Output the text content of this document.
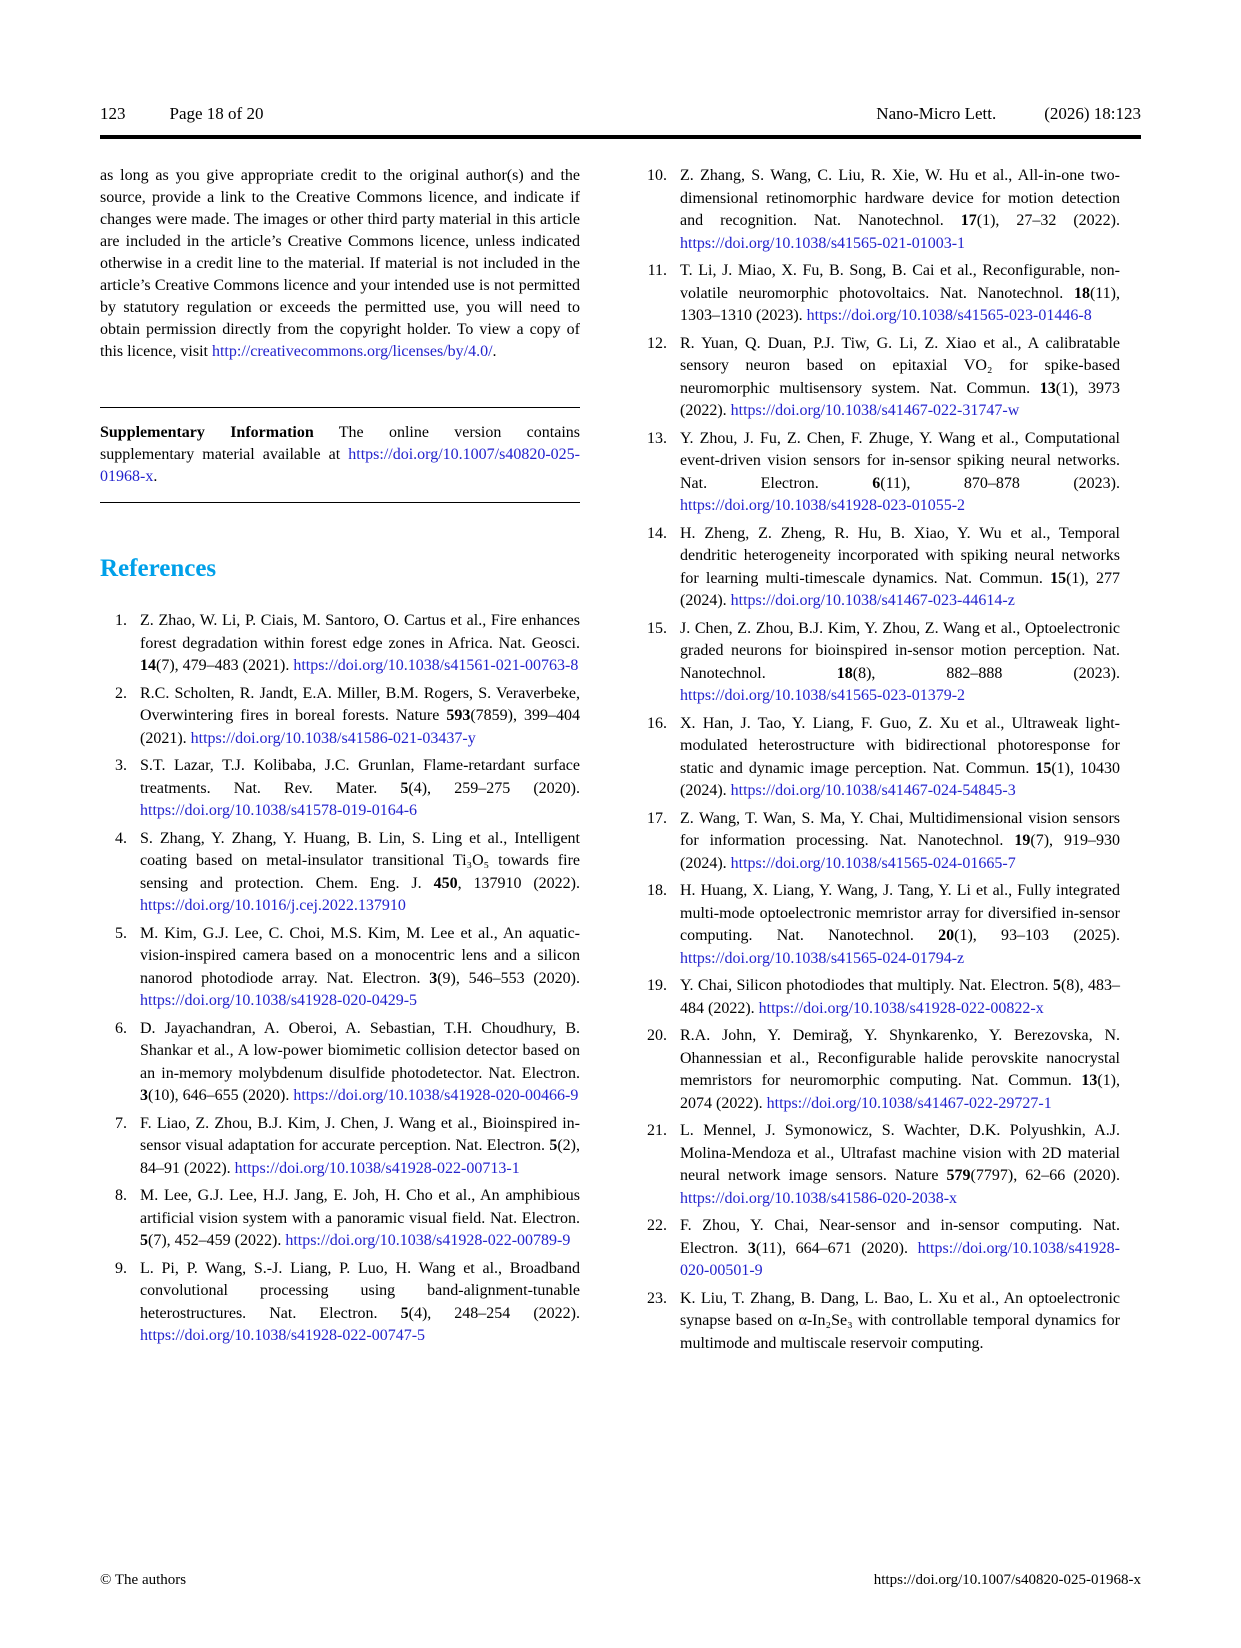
123	Page 18 of 20	Nano-Micro Lett.	(2026) 18:123

as long as you give appropriate credit to the original author(s) and the source, provide a link to the Creative Commons licence, and indicate if changes were made. The images or other third party material in this article are included in the article’s Creative Commons licence, unless indicated otherwise in a credit line to the material. If material is not included in the article’s Creative Commons licence and your intended use is not permitted by statutory regulation or exceeds the permitted use, you will need to obtain permission directly from the copyright holder. To view a copy of this licence, visit http://creativecommons.org/licenses/by/4.0/.

Supplementary Information The online version contains supplementary material available at https://doi.org/10.1007/s40820-025-01968-x.

References
1. Z. Zhao, W. Li, P. Ciais, M. Santoro, O. Cartus et al., Fire enhances forest degradation within forest edge zones in Africa. Nat. Geosci. 14(7), 479–483 (2021). https://doi.org/10.1038/s41561-021-00763-8
2. R.C. Scholten, R. Jandt, E.A. Miller, B.M. Rogers, S. Veraverbeke, Overwintering fires in boreal forests. Nature 593(7859), 399–404 (2021). https://doi.org/10.1038/s41586-021-03437-y
3. S.T. Lazar, T.J. Kolibaba, J.C. Grunlan, Flame-retardant surface treatments. Nat. Rev. Mater. 5(4), 259–275 (2020). https://doi.org/10.1038/s41578-019-0164-6
4. S. Zhang, Y. Zhang, Y. Huang, B. Lin, S. Ling et al., Intelligent coating based on metal-insulator transitional Ti₃O₅ towards fire sensing and protection. Chem. Eng. J. 450, 137910 (2022). https://doi.org/10.1016/j.cej.2022.137910
5. M. Kim, G.J. Lee, C. Choi, M.S. Kim, M. Lee et al., An aquatic-vision-inspired camera based on a monocentric lens and a silicon nanorod photodiode array. Nat. Electron. 3(9), 546–553 (2020). https://doi.org/10.1038/s41928-020-0429-5
6. D. Jayachandran, A. Oberoi, A. Sebastian, T.H. Choudhury, B. Shankar et al., A low-power biomimetic collision detector based on an in-memory molybdenum disulfide photodetector. Nat. Electron. 3(10), 646–655 (2020). https://doi.org/10.1038/s41928-020-00466-9
7. F. Liao, Z. Zhou, B.J. Kim, J. Chen, J. Wang et al., Bioinspired in-sensor visual adaptation for accurate perception. Nat. Electron. 5(2), 84–91 (2022). https://doi.org/10.1038/s41928-022-00713-1
8. M. Lee, G.J. Lee, H.J. Jang, E. Joh, H. Cho et al., An amphibious artificial vision system with a panoramic visual field. Nat. Electron. 5(7), 452–459 (2022). https://doi.org/10.1038/s41928-022-00789-9
9. L. Pi, P. Wang, S.-J. Liang, P. Luo, H. Wang et al., Broadband convolutional processing using band-alignment-tunable heterostructures. Nat. Electron. 5(4), 248–254 (2022). https://doi.org/10.1038/s41928-022-00747-5
10. Z. Zhang, S. Wang, C. Liu, R. Xie, W. Hu et al., All-in-one two-dimensional retinomorphic hardware device for motion detection and recognition. Nat. Nanotechnol. 17(1), 27–32 (2022). https://doi.org/10.1038/s41565-021-01003-1
11. T. Li, J. Miao, X. Fu, B. Song, B. Cai et al., Reconfigurable, non-volatile neuromorphic photovoltaics. Nat. Nanotechnol. 18(11), 1303–1310 (2023). https://doi.org/10.1038/s41565-023-01446-8
12. R. Yuan, Q. Duan, P.J. Tiw, G. Li, Z. Xiao et al., A calibratable sensory neuron based on epitaxial VO₂ for spike-based neuromorphic multisensory system. Nat. Commun. 13(1), 3973 (2022). https://doi.org/10.1038/s41467-022-31747-w
13. Y. Zhou, J. Fu, Z. Chen, F. Zhuge, Y. Wang et al., Computational event-driven vision sensors for in-sensor spiking neural networks. Nat. Electron. 6(11), 870–878 (2023). https://doi.org/10.1038/s41928-023-01055-2
14. H. Zheng, Z. Zheng, R. Hu, B. Xiao, Y. Wu et al., Temporal dendritic heterogeneity incorporated with spiking neural networks for learning multi-timescale dynamics. Nat. Commun. 15(1), 277 (2024). https://doi.org/10.1038/s41467-023-44614-z
15. J. Chen, Z. Zhou, B.J. Kim, Y. Zhou, Z. Wang et al., Optoelectronic graded neurons for bioinspired in-sensor motion perception. Nat. Nanotechnol. 18(8), 882–888 (2023). https://doi.org/10.1038/s41565-023-01379-2
16. X. Han, J. Tao, Y. Liang, F. Guo, Z. Xu et al., Ultraweak light-modulated heterostructure with bidirectional photoresponse for static and dynamic image perception. Nat. Commun. 15(1), 10430 (2024). https://doi.org/10.1038/s41467-024-54845-3
17. Z. Wang, T. Wan, S. Ma, Y. Chai, Multidimensional vision sensors for information processing. Nat. Nanotechnol. 19(7), 919–930 (2024). https://doi.org/10.1038/s41565-024-01665-7
18. H. Huang, X. Liang, Y. Wang, J. Tang, Y. Li et al., Fully integrated multi-mode optoelectronic memristor array for diversified in-sensor computing. Nat. Nanotechnol. 20(1), 93–103 (2025). https://doi.org/10.1038/s41565-024-01794-z
19. Y. Chai, Silicon photodiodes that multiply. Nat. Electron. 5(8), 483–484 (2022). https://doi.org/10.1038/s41928-022-00822-x
20. R.A. John, Y. Demirağ, Y. Shynkarenko, Y. Berezovska, N. Ohannessian et al., Reconfigurable halide perovskite nanocrystal memristors for neuromorphic computing. Nat. Commun. 13(1), 2074 (2022). https://doi.org/10.1038/s41467-022-29727-1
21. L. Mennel, J. Symonowicz, S. Wachter, D.K. Polyushkin, A.J. Molina-Mendoza et al., Ultrafast machine vision with 2D material neural network image sensors. Nature 579(7797), 62–66 (2020). https://doi.org/10.1038/s41586-020-2038-x
22. F. Zhou, Y. Chai, Near-sensor and in-sensor computing. Nat. Electron. 3(11), 664–671 (2020). https://doi.org/10.1038/s41928-020-00501-9
23. K. Liu, T. Zhang, B. Dang, L. Bao, L. Xu et al., An optoelectronic synapse based on α-In₂Se₃ with controllable temporal dynamics for multimode and multiscale reservoir computing.
© The authors	https://doi.org/10.1007/s40820-025-01968-x
